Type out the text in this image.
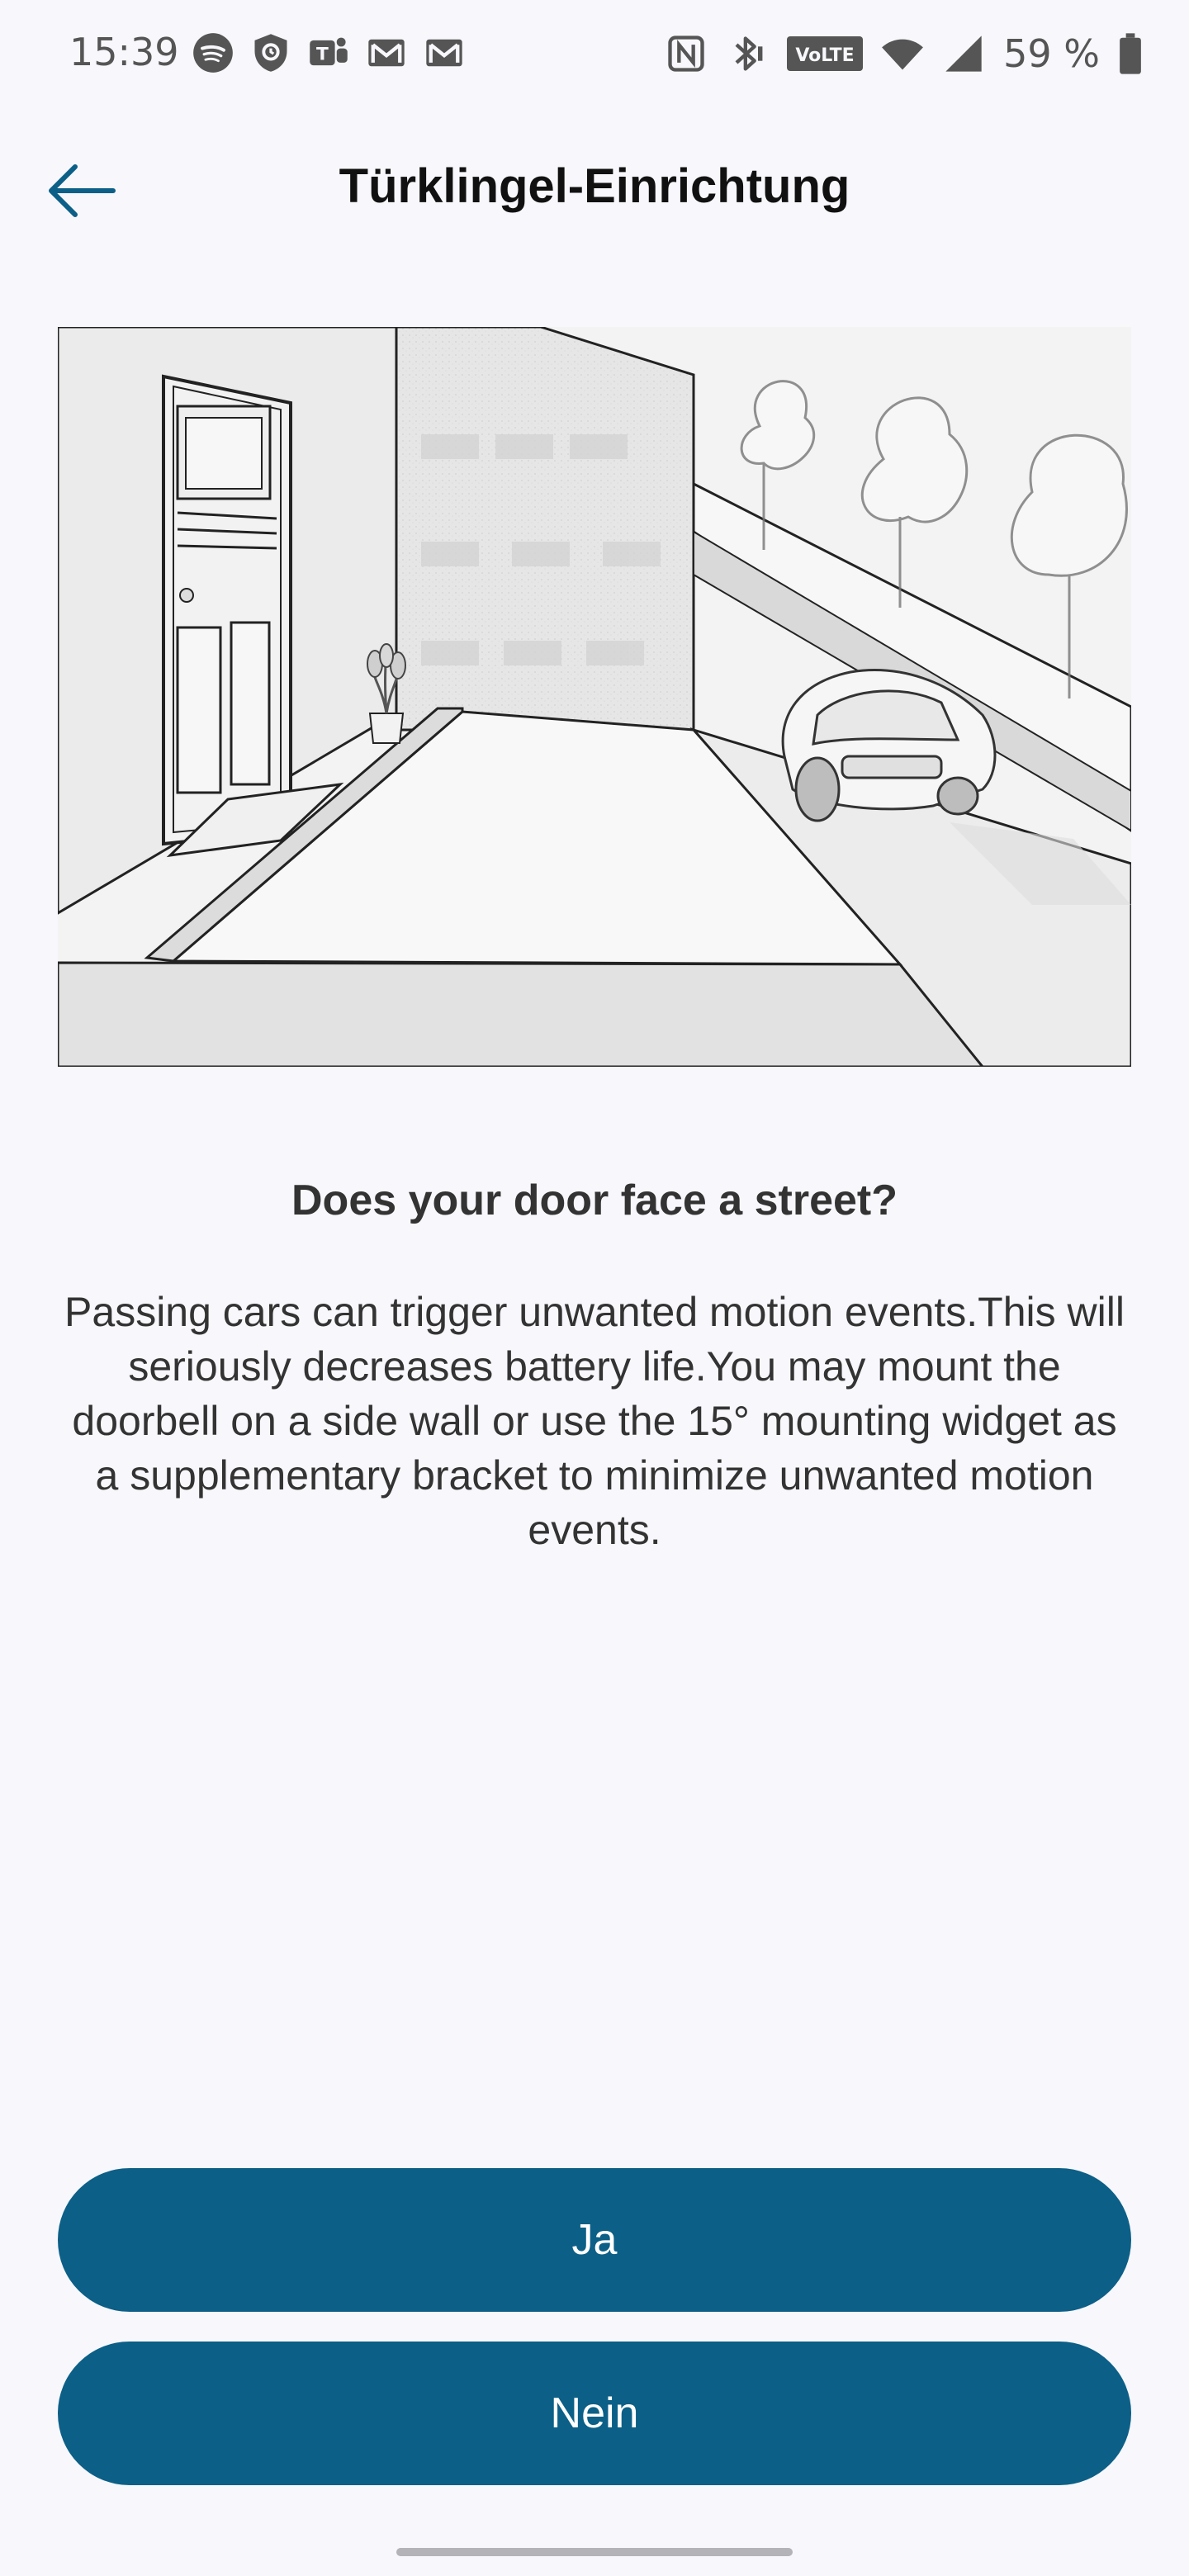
15:39	T	VoLTE	59 %
Türklingel-Einrichtung
Does your door face a street?
Passing cars can trigger unwanted motion events.This will seriously decreases battery life.You may mount the doorbell on a side wall or use the 15° mounting widget as a supplementary bracket to minimize unwanted motion events.
Ja
Nein
